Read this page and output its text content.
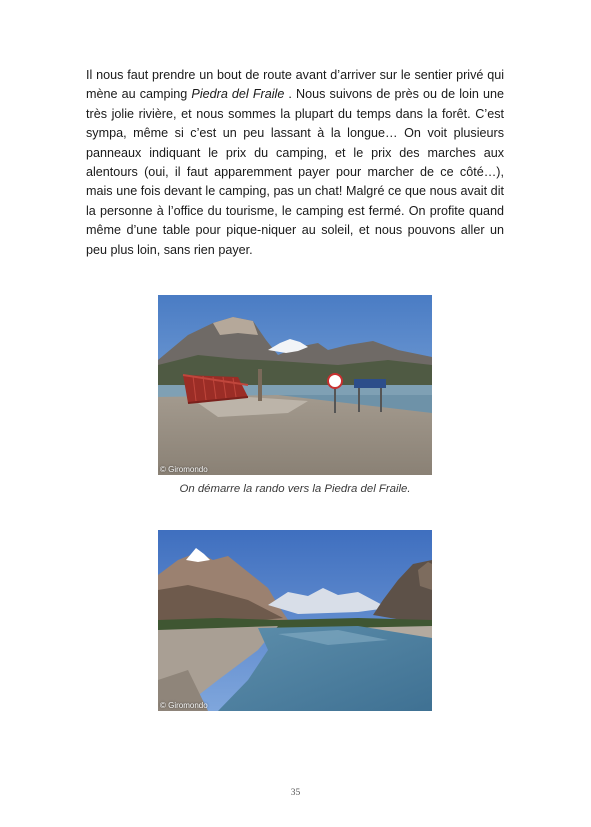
Il nous faut prendre un bout de route avant d’arriver sur le sentier privé qui mène au camping Piedra del Fraile . Nous suivons de près ou de loin une très jolie rivière, et nous sommes la plupart du temps dans la forêt. C’est sympa, même si c’est un peu lassant à la longue… On voit plusieurs panneaux indiquant le prix du camping, et le prix des marches aux alentours (oui, il faut apparemment payer pour marcher de ce côté…), mais une fois devant le camping, pas un chat! Malgré ce que nous avait dit la personne à l’office du tourisme, le camping est fermé. On profite quand même d’une table pour pique-niquer au soleil, et nous pouvons aller un peu plus loin, sans rien payer.

© Giromondo
On démarre la rando vers la Piedra del Fraile.
© Giromondo
35
